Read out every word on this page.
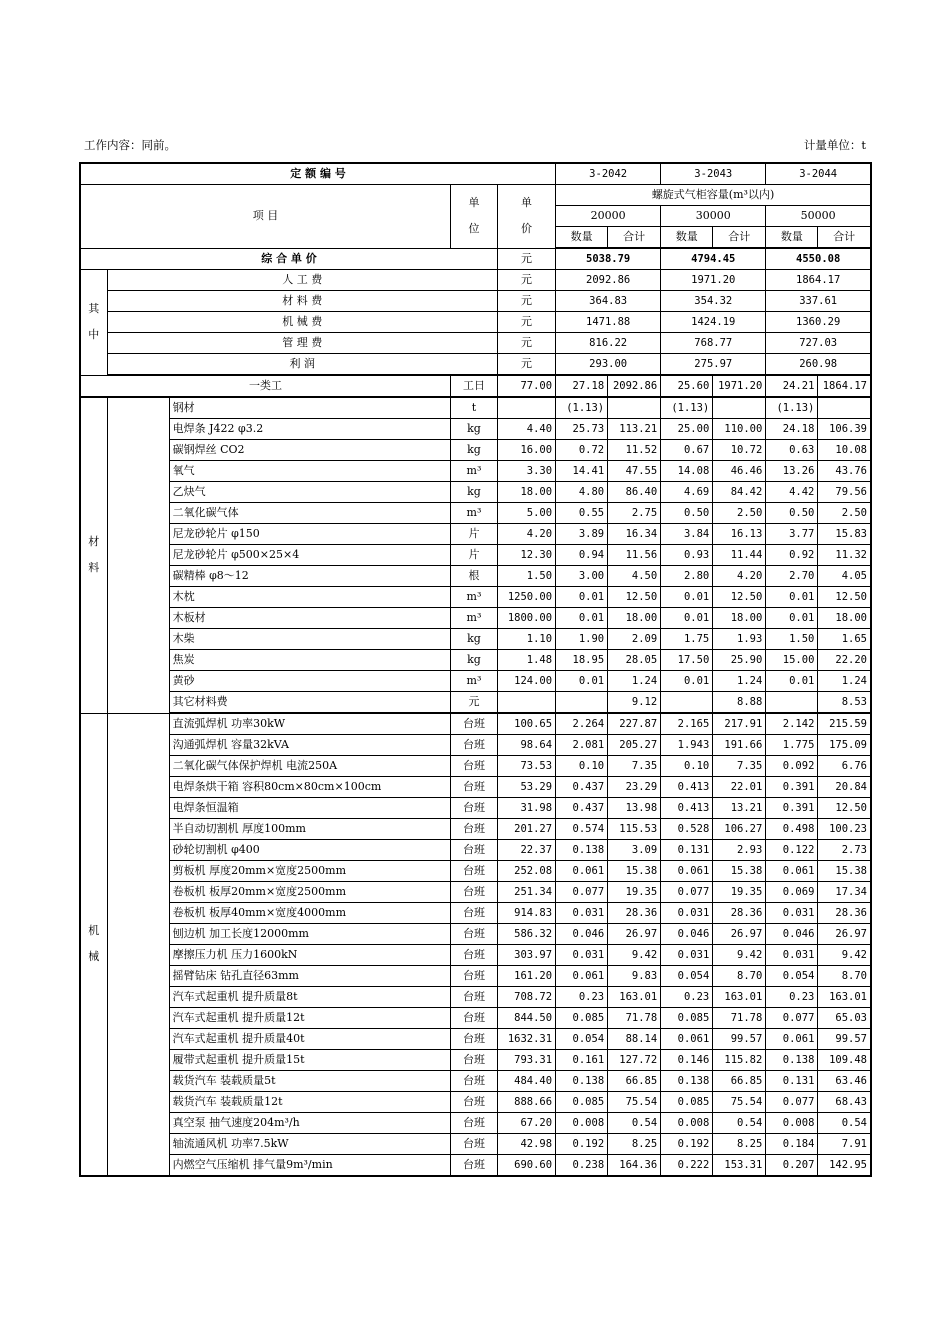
工作内容：同前。	计量单位：t
定 额 编 号					3-2042		3-2043		3-2044	
项 目			单
位	单
价	螺旋式气柜容量(m³以内)					
					20000		30000		50000	
					数量	合计	数量	合计	数量	合计
综 合 单 价				元	5038.79		4794.45		4550.08	
其
中	人 工 费			元	2092.86		1971.20		1864.17	
	材 料 费			元	364.83		354.32		337.61	
	机 械 费			元	1471.88		1424.19		1360.29	
	管 理 费			元	816.22		768.77		727.03	
	利 润			元	293.00		275.97		260.98	
一类工			工日	77.00	27.18	2092.86	25.60	1971.20	24.21	1864.17
材
料		钢材	t		(1.13)		(1.13)		(1.13)	
		电焊条 J422 φ3.2	kg	4.40	25.73	113.21	25.00	110.00	24.18	106.39
		碳钢焊丝 CO2	kg	16.00	0.72	11.52	0.67	10.72	0.63	10.08
		氧气	m³	3.30	14.41	47.55	14.08	46.46	13.26	43.76
		乙炔气	kg	18.00	4.80	86.40	4.69	84.42	4.42	79.56
		二氧化碳气体	m³	5.00	0.55	2.75	0.50	2.50	0.50	2.50
		尼龙砂轮片 φ150	片	4.20	3.89	16.34	3.84	16.13	3.77	15.83
		尼龙砂轮片 φ500×25×4	片	12.30	0.94	11.56	0.93	11.44	0.92	11.32
		碳精棒 φ8～12	根	1.50	3.00	4.50	2.80	4.20	2.70	4.05
		木枕	m³	1250.00	0.01	12.50	0.01	12.50	0.01	12.50
		木板材	m³	1800.00	0.01	18.00	0.01	18.00	0.01	18.00
		木柴	kg	1.10	1.90	2.09	1.75	1.93	1.50	1.65
		焦炭	kg	1.48	18.95	28.05	17.50	25.90	15.00	22.20
		黄砂	m³	124.00	0.01	1.24	0.01	1.24	0.01	1.24
		其它材料费	元			9.12		8.88		8.53
机
械		直流弧焊机 功率30kW	台班	100.65	2.264	227.87	2.165	217.91	2.142	215.59
		沟通弧焊机 容量32kVA	台班	98.64	2.081	205.27	1.943	191.66	1.775	175.09
		二氧化碳气体保护焊机 电流250A	台班	73.53	0.10	7.35	0.10	7.35	0.092	6.76
		电焊条烘干箱 容积80cm×80cm×100cm	台班	53.29	0.437	23.29	0.413	22.01	0.391	20.84
		电焊条恒温箱	台班	31.98	0.437	13.98	0.413	13.21	0.391	12.50
		半自动切割机 厚度100mm	台班	201.27	0.574	115.53	0.528	106.27	0.498	100.23
		砂轮切割机 φ400	台班	22.37	0.138	3.09	0.131	2.93	0.122	2.73
		剪板机 厚度20mm×宽度2500mm	台班	252.08	0.061	15.38	0.061	15.38	0.061	15.38
		卷板机 板厚20mm×宽度2500mm	台班	251.34	0.077	19.35	0.077	19.35	0.069	17.34
		卷板机 板厚40mm×宽度4000mm	台班	914.83	0.031	28.36	0.031	28.36	0.031	28.36
		刨边机 加工长度12000mm	台班	586.32	0.046	26.97	0.046	26.97	0.046	26.97
		摩擦压力机 压力1600kN	台班	303.97	0.031	9.42	0.031	9.42	0.031	9.42
		摇臂钻床 钻孔直径63mm	台班	161.20	0.061	9.83	0.054	8.70	0.054	8.70
		汽车式起重机 提升质量8t	台班	708.72	0.23	163.01	0.23	163.01	0.23	163.01
		汽车式起重机 提升质量12t	台班	844.50	0.085	71.78	0.085	71.78	0.077	65.03
		汽车式起重机 提升质量40t	台班	1632.31	0.054	88.14	0.061	99.57	0.061	99.57
		履带式起重机 提升质量15t	台班	793.31	0.161	127.72	0.146	115.82	0.138	109.48
		载货汽车 装载质量5t	台班	484.40	0.138	66.85	0.138	66.85	0.131	63.46
		载货汽车 装载质量12t	台班	888.66	0.085	75.54	0.085	75.54	0.077	68.43
		真空泵 抽气速度204m³/h	台班	67.20	0.008	0.54	0.008	0.54	0.008	0.54
		轴流通风机 功率7.5kW	台班	42.98	0.192	8.25	0.192	8.25	0.184	7.91
		内燃空气压缩机 排气量9m³/min	台班	690.60	0.238	164.36	0.222	153.31	0.207	142.95
